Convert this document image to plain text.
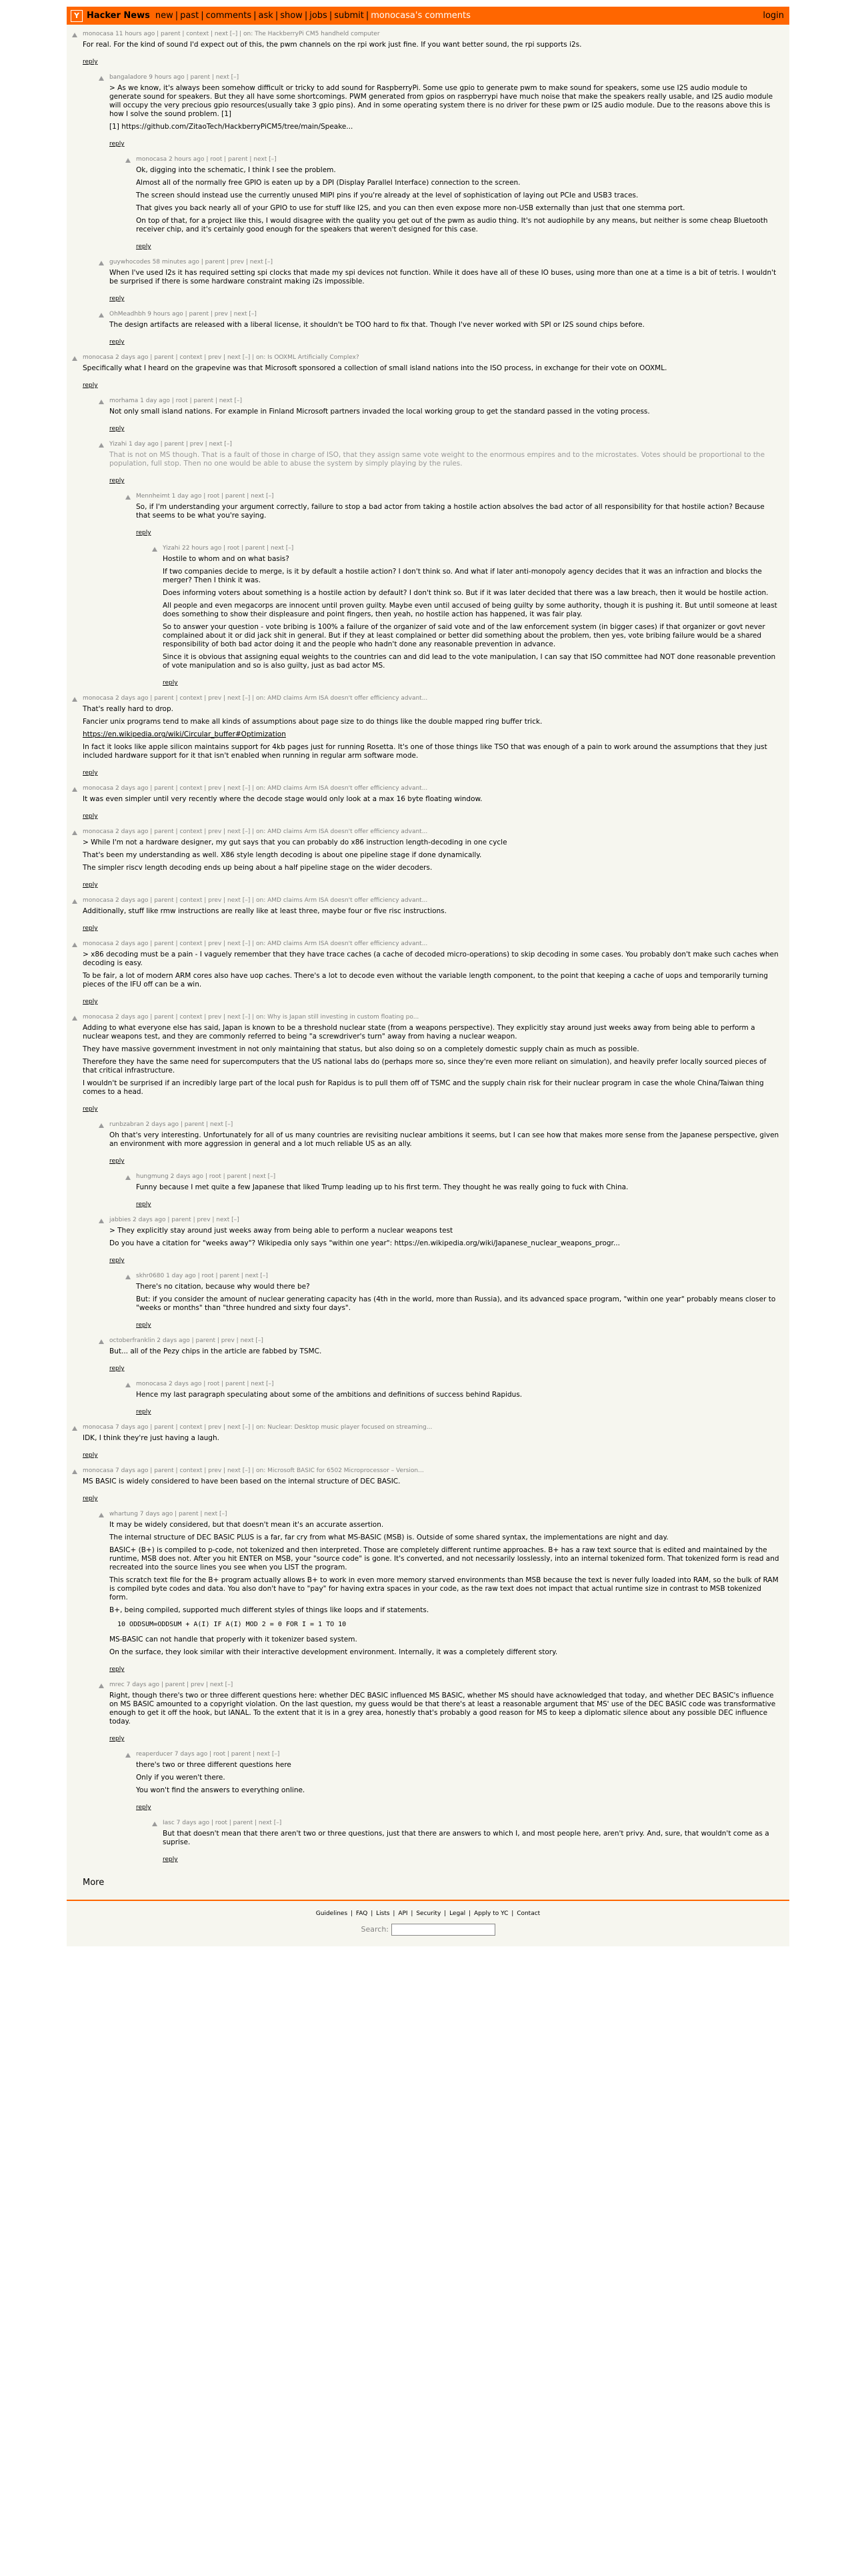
Y Hacker News new | past | comments | ask | show | jobs | submit | monocasa's comments	login
monocasa 11 hours ago | parent | context | next [–] | on: The HackberryPi CM5 handheld computer

For real. For the kind of sound I'd expect out of this, the pwm channels on the rpi work just fine. If you want better sound, the rpi supports i2s.

reply
bangaladore 9 hours ago | parent | next [–]

> As we know, it's always been somehow difficult or tricky to add sound for RaspberryPi. Some use gpio to generate pwm to make sound for speakers, some use I2S audio module to generate sound for speakers. But they all have some shortcomings. PWM generated from gpios on raspberrypi have much noise that make the speakers really usable, and I2S audio module will occupy the very precious gpio resources(usually take 3 gpio pins). And in some operating system there is no driver for these pwm or I2S audio module. Due to the reasons above this is how I solve the sound problem. [1]

[1] https://github.com/ZitaoTech/HackberryPiCM5/tree/main/Speake...

reply
monocasa 2 hours ago | root | parent | next [–]

Ok, digging into the schematic, I think I see the problem.

Almost all of the normally free GPIO is eaten up by a DPI (Display Parallel Interface) connection to the screen.

The screen should instead use the currently unused MIPI pins if you're already at the level of sophistication of laying out PCIe and USB3 traces.

That gives you back nearly all of your GPIO to use for stuff like I2S, and you can then even expose more non-USB externally than just that one stemma port.

On top of that, for a project like this, I would disagree with the quality you get out of the pwm as audio thing. It's not audiophile by any means, but neither is some cheap Bluetooth receiver chip, and it's certainly good enough for the speakers that weren't designed for this case.

reply
guywhocodes 58 minutes ago | parent | prev | next [–]

When I've used I2s it has required setting spi clocks that made my spi devices not function. While it does have all of these IO buses, using more than one at a time is a bit of tetris. I wouldn't be surprised if there is some hardware constraint making i2s impossible.

reply
OhMeadhbh 9 hours ago | parent | prev | next [–]

The design artifacts are released with a liberal license, it shouldn't be TOO hard to fix that. Though I've never worked with SPI or I2S sound chips before.

reply
monocasa 2 days ago | parent | context | prev | next [–] | on: Is OOXML Artificially Complex?

Specifically what I heard on the grapevine was that Microsoft sponsored a collection of small island nations into the ISO process, in exchange for their vote on OOXML.

reply
morhama 1 day ago | root | parent | next [–]

Not only small island nations. For example in Finland Microsoft partners invaded the local working group to get the standard passed in the voting process.

reply
Yizahi 1 day ago | parent | prev | next [–]

That is not on MS though. That is a fault of those in charge of ISO, that they assign same vote weight to the enormous empires and to the microstates. Votes should be proportional to the population, full stop. Then no one would be able to abuse the system by simply playing by the rules.

reply
Mennheimt 1 day ago | root | parent | next [–]

So, if I'm understanding your argument correctly, failure to stop a bad actor from taking a hostile action absolves the bad actor of all responsibility for that hostile action? Because that seems to be what you're saying.

reply
Yizahi 22 hours ago | root | parent | next [–]

Hostile to whom and on what basis?

If two companies decide to merge, is it by default a hostile action? I don't think so. And what if later anti-monopoly agency decides that it was an infraction and blocks the merger? Then I think it was.

Does informing voters about something is a hostile action by default? I don't think so. But if it was later decided that there was a law breach, then it would be hostile action.

All people and even megacorps are innocent until proven guilty. Maybe even until accused of being guilty by some authority, though it is pushing it. But until someone at least does something to show their displeasure and point fingers, then yeah, no hostile action has happened, it was fair play.

So to answer your question - vote bribing is 100% a failure of the organizer of said vote and of the law enforcement system (in bigger cases) if that organizer or govt never complained about it or did jack shit in general. But if they at least complained or better did something about the problem, then yes, vote bribing failure would be a shared responsibility of both bad actor doing it and the people who hadn't done any reasonable prevention in advance.

Since it is obvious that assigning equal weights to the countries can and did lead to the vote manipulation, I can say that ISO committee had NOT done reasonable prevention of vote manipulation and so is also guilty, just as bad actor MS.

reply
monocasa 2 days ago | parent | context | prev | next [–] | on: AMD claims Arm ISA doesn't offer efficiency advant...

That's really hard to drop.

Fancier unix programs tend to make all kinds of assumptions about page size to do things like the double mapped ring buffer trick.

https://en.wikipedia.org/wiki/Circular_buffer#Optimization

In fact it looks like apple silicon maintains support for 4kb pages just for running Rosetta. It's one of those things like TSO that was enough of a pain to work around the assumptions that they just included hardware support for it that isn't enabled when running in regular arm software mode.

reply
monocasa 2 days ago | parent | context | prev | next [–] | on: AMD claims Arm ISA doesn't offer efficiency advant...

It was even simpler until very recently where the decode stage would only look at a max 16 byte floating window.

reply
monocasa 2 days ago | parent | context | prev | next [–] | on: AMD claims Arm ISA doesn't offer efficiency advant...

> While I'm not a hardware designer, my gut says that you can probably do x86 instruction length-decoding in one cycle

That's been my understanding as well. X86 style length decoding is about one pipeline stage if done dynamically.

The simpler riscv length decoding ends up being about a half pipeline stage on the wider decoders.

reply
monocasa 2 days ago | parent | context | prev | next [–] | on: AMD claims Arm ISA doesn't offer efficiency advant...

Additionally, stuff like rmw instructions are really like at least three, maybe four or five risc instructions.

reply
monocasa 2 days ago | parent | context | prev | next [–] | on: AMD claims Arm ISA doesn't offer efficiency advant...

> x86 decoding must be a pain - I vaguely remember that they have trace caches (a cache of decoded micro-operations) to skip decoding in some cases. You probably don't make such caches when decoding is easy.

To be fair, a lot of modern ARM cores also have uop caches. There's a lot to decode even without the variable length component, to the point that keeping a cache of uops and temporarily turning pieces of the IFU off can be a win.

reply
monocasa 2 days ago | parent | context | prev | next [–] | on: Why is Japan still investing in custom floating po...

Adding to what everyone else has said, Japan is known to be a threshold nuclear state (from a weapons perspective). They explicitly stay around just weeks away from being able to perform a nuclear weapons test, and they are commonly referred to being "a screwdriver's turn" away from having a nuclear weapon.

They have massive government investment in not only maintaining that status, but also doing so on a completely domestic supply chain as much as possible.

Therefore they have the same need for supercomputers that the US national labs do (perhaps more so, since they're even more reliant on simulation), and heavily prefer locally sourced pieces of that critical infrastructure.

I wouldn't be surprised if an incredibly large part of the local push for Rapidus is to pull them off of TSMC and the supply chain risk for their nuclear program in case the whole China/Taiwan thing comes to a head.

reply
runbzabran 2 days ago | parent | next [–]

Oh that's very interesting. Unfortunately for all of us many countries are revisiting nuclear ambitions it seems, but I can see how that makes more sense from the Japanese perspective, given an environment with more aggression in general and a lot much reliable US as an ally.

reply
hungmung 2 days ago | root | parent | next [–]

Funny because I met quite a few Japanese that liked Trump leading up to his first term. They thought he was really going to fuck with China.

reply
jabbies 2 days ago | parent | prev | next [–]

> They explicitly stay around just weeks away from being able to perform a nuclear weapons test

Do you have a citation for "weeks away"? Wikipedia only says "within one year": https://en.wikipedia.org/wiki/Japanese_nuclear_weapons_progr...

reply
skhr0680 1 day ago | root | parent | next [–]

There's no citation, because why would there be?

But: if you consider the amount of nuclear generating capacity has (4th in the world, more than Russia), and its advanced space program, "within one year" probably means closer to "weeks or months" than "three hundred and sixty four days".

reply
octoberfranklin 2 days ago | parent | prev | next [–]

But... all of the Pezy chips in the article are fabbed by TSMC.

reply
monocasa 2 days ago | root | parent | next [–]

Hence my last paragraph speculating about some of the ambitions and definitions of success behind Rapidus.

reply
monocasa 7 days ago | parent | context | prev | next [–] | on: Nuclear: Desktop music player focused on streaming...

IDK, I think they're just having a laugh.

reply
monocasa 7 days ago | parent | context | prev | next [–] | on: Microsoft BASIC for 6502 Microprocessor – Version...

MS BASIC is widely considered to have been based on the internal structure of DEC BASIC.

reply
whartung 7 days ago | parent | next [–]

It may be widely considered, but that doesn't mean it's an accurate assertion.

The internal structure of DEC BASIC PLUS is a far, far cry from what MS-BASIC (MSB) is. Outside of some shared syntax, the implementations are night and day.

BASIC+ (B+) is compiled to p-code, not tokenized and then interpreted. Those are completely different runtime approaches. B+ has a raw text source that is edited and maintained by the runtime, MSB does not. After you hit ENTER on MSB, your "source code" is gone. It's converted, and not necessarily losslessly, into an internal tokenized form. That tokenized form is read and recreated into the source lines you see when you LIST the program.

This scratch text file for the B+ program actually allows B+ to work in even more memory starved environments than MSB because the text is never fully loaded into RAM, so the bulk of RAM is compiled byte codes and data. You also don't have to "pay" for having extra spaces in your code, as the raw text does not impact that actual runtime size in contrast to MSB tokenized form.

B+, being compiled, supported much different styles of things like loops and if statements.

10 ODDSUM=ODDSUM + A(I) IF A(I) MOD 2 = 0 FOR I = 1 TO 10

MS-BASIC can not handle that properly with it tokenizer based system.

On the surface, they look similar with their interactive development environment. Internally, it was a completely different story.

reply
mrec 7 days ago | parent | prev | next [–]

Right, though there's two or three different questions here: whether DEC BASIC influenced MS BASIC, whether MS should have acknowledged that today, and whether DEC BASIC's influence on MS BASIC amounted to a copyright violation. On the last question, my guess would be that there's at least a reasonable argument that MS' use of the DEC BASIC code was transformative enough to get it off the hook, but IANAL. To the extent that it is in a grey area, honestly that's probably a good reason for MS to keep a diplomatic silence about any possible DEC influence today.

reply
reaperducer 7 days ago | root | parent | next [–]

there's two or three different questions here

Only if you weren't there.

You won't find the answers to everything online.

reply
Iasc 7 days ago | root | parent | next [–]

But that doesn't mean that there aren't two or three questions, just that there are answers to which I, and most people here, aren't privy. And, sure, that wouldn't come as a suprise.

reply
More
Guidelines | FAQ | Lists | API | Security | Legal | Apply to YC | Contact
Search:
